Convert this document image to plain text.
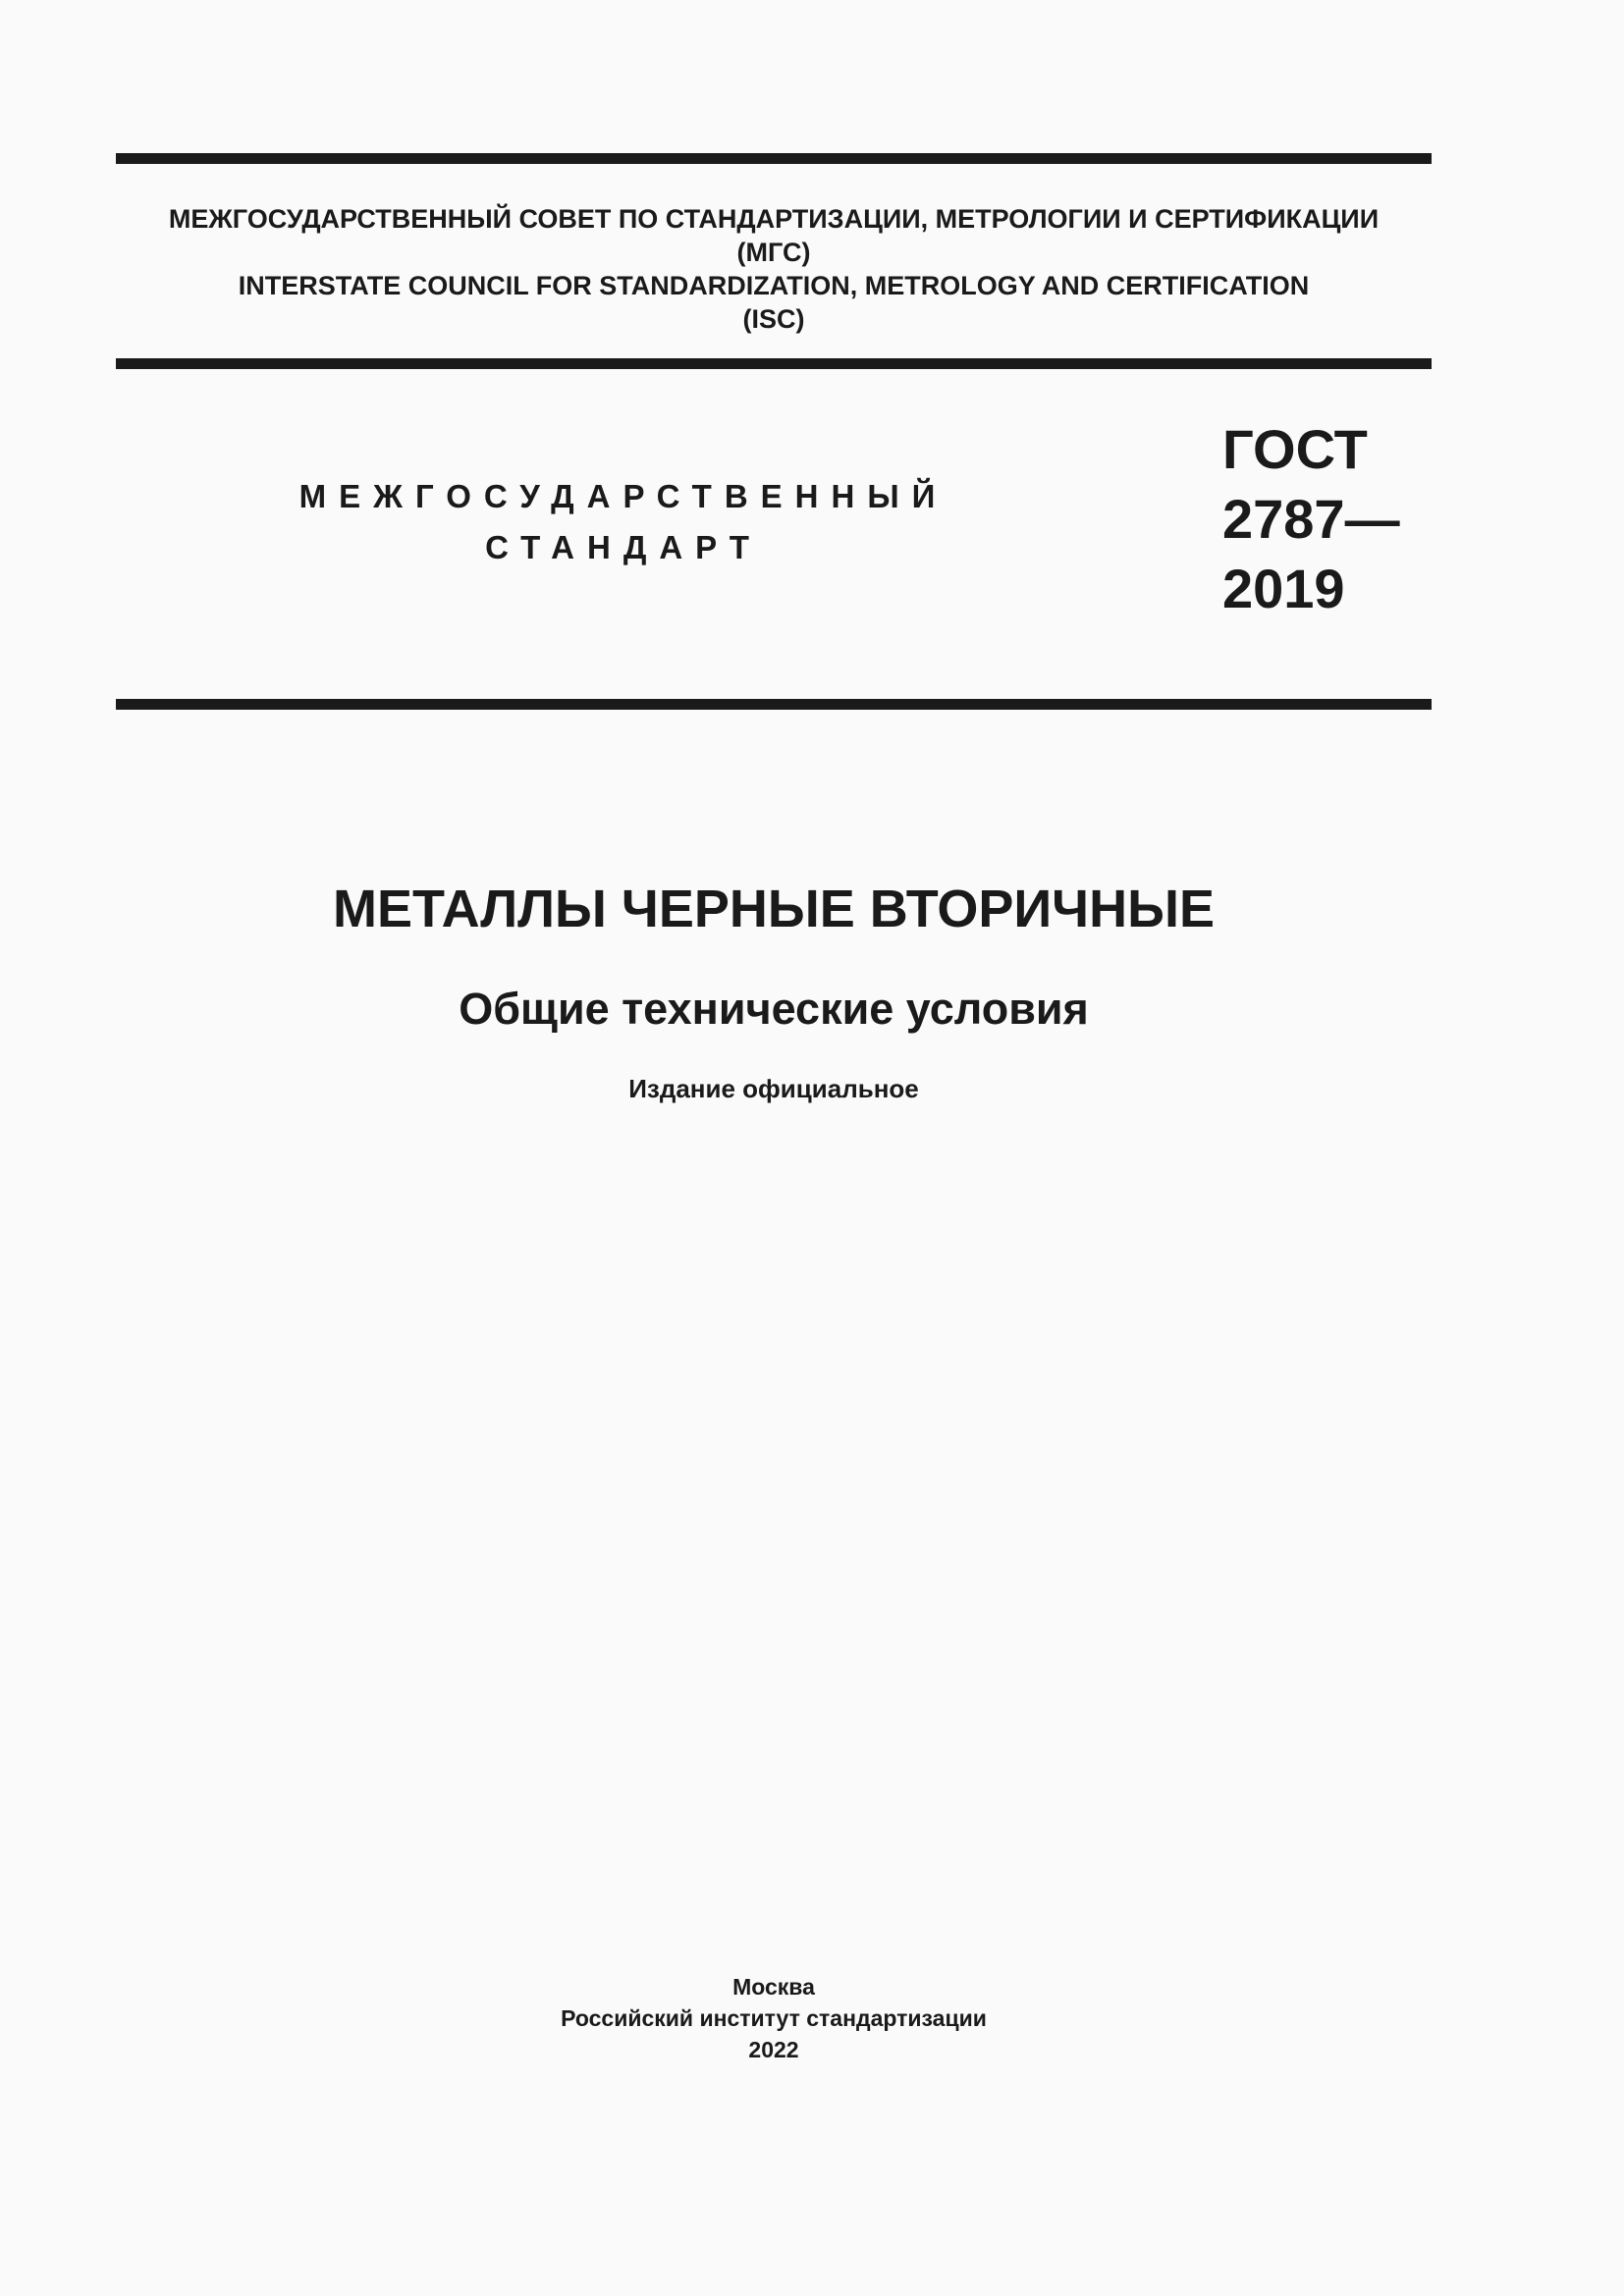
МЕЖГОСУДАРСТВЕННЫЙ СОВЕТ ПО СТАНДАРТИЗАЦИИ, МЕТРОЛОГИИ И СЕРТИФИКАЦИИ
(МГС)
INTERSTATE COUNCIL FOR STANDARDIZATION, METROLOGY AND CERTIFICATION
(ISC)
МЕЖГОСУДАРСТВЕННЫЙ
СТАНДАРТ
ГОСТ
2787—
2019
МЕТАЛЛЫ ЧЕРНЫЕ ВТОРИЧНЫЕ
Общие технические условия
Издание официальное
Москва
Российский институт стандартизации
2022
